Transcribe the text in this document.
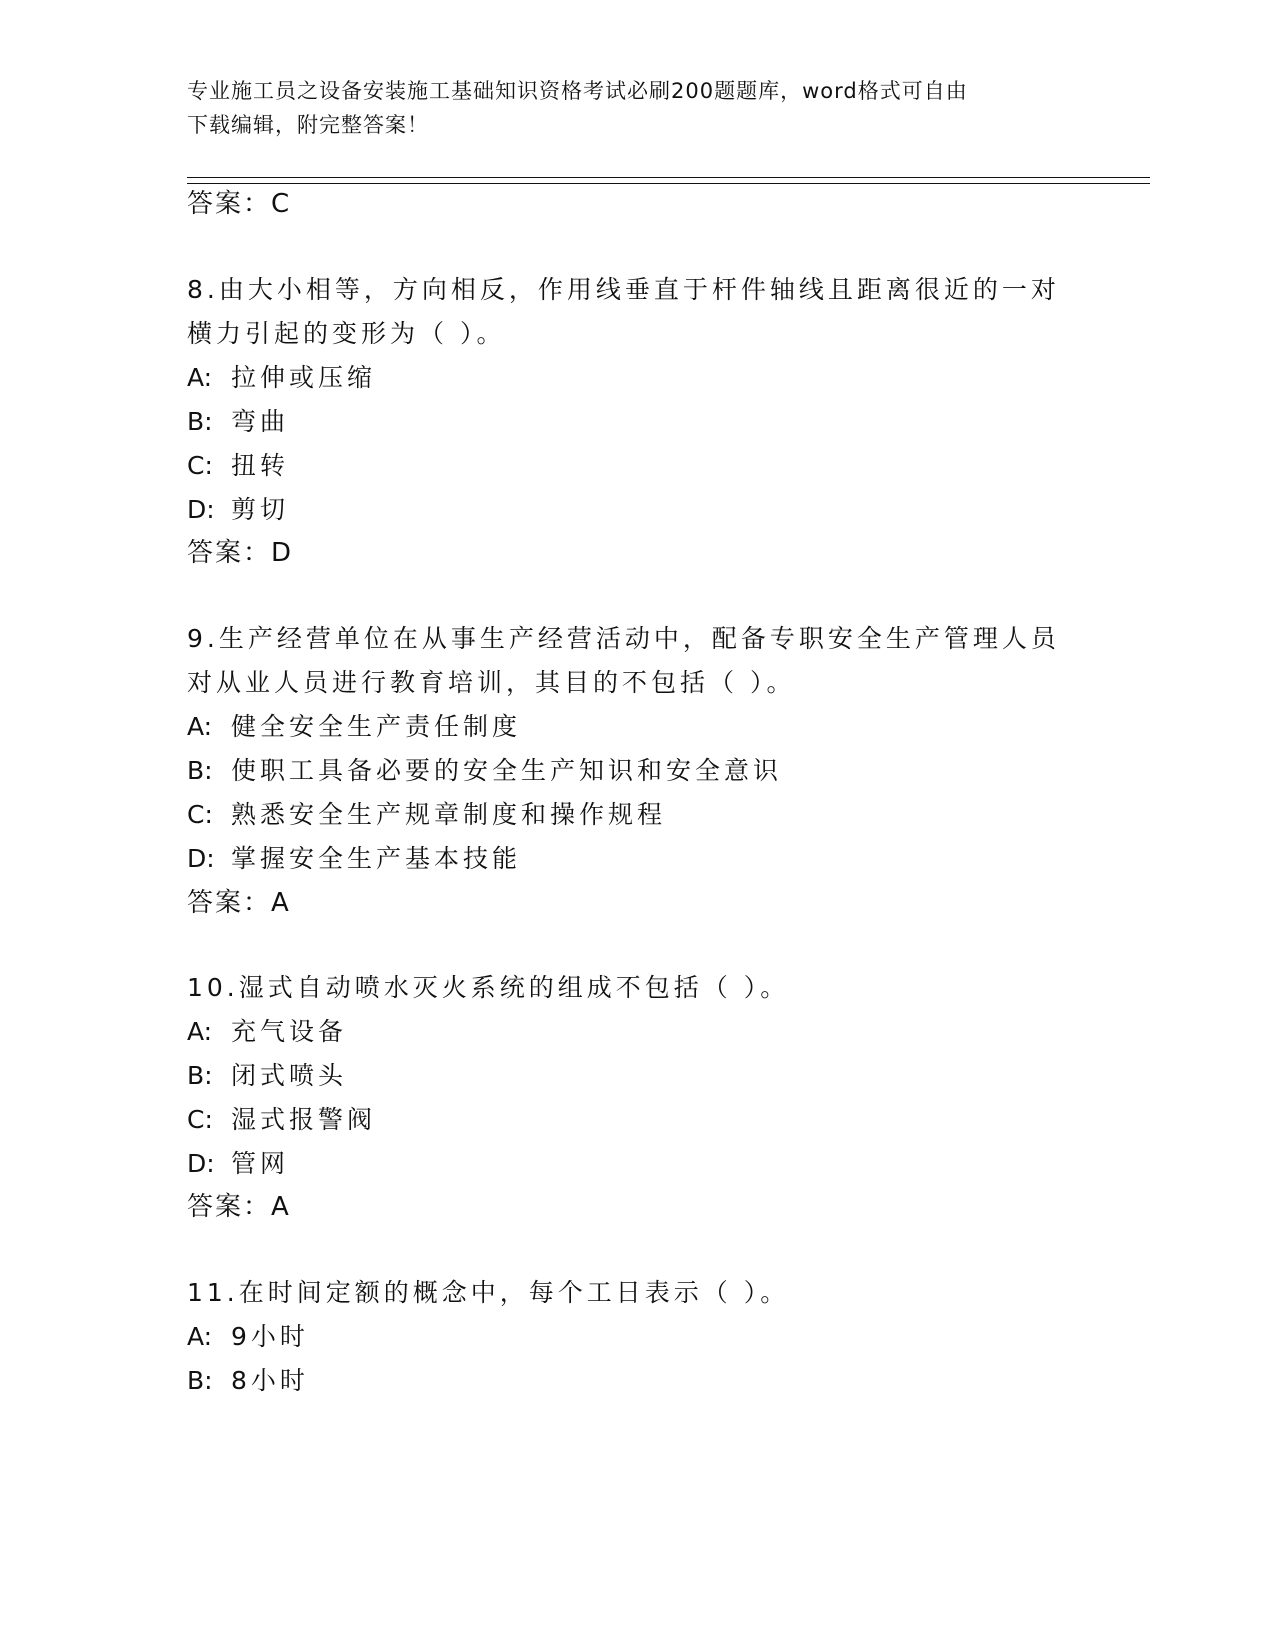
专业施工员之设备安装施工基础知识资格考试必刷200题题库，word格式可自由
下载编辑，附完整答案！
答案：C
8.由大小相等，方向相反，作用线垂直于杆件轴线且距离很近的一对
横力引起的变形为（ ）。
A: 拉伸或压缩
B: 弯曲
C: 扭转
D: 剪切
答案：D
9.生产经营单位在从事生产经营活动中，配备专职安全生产管理人员
对从业人员进行教育培训，其目的不包括（ ）。
A: 健全安全生产责任制度
B: 使职工具备必要的安全生产知识和安全意识
C: 熟悉安全生产规章制度和操作规程
D: 掌握安全生产基本技能
答案：A
10.湿式自动喷水灭火系统的组成不包括（ ）。
A: 充气设备
B: 闭式喷头
C: 湿式报警阀
D: 管网
答案：A
11.在时间定额的概念中，每个工日表示（ ）。
A: 9小时
B: 8小时
